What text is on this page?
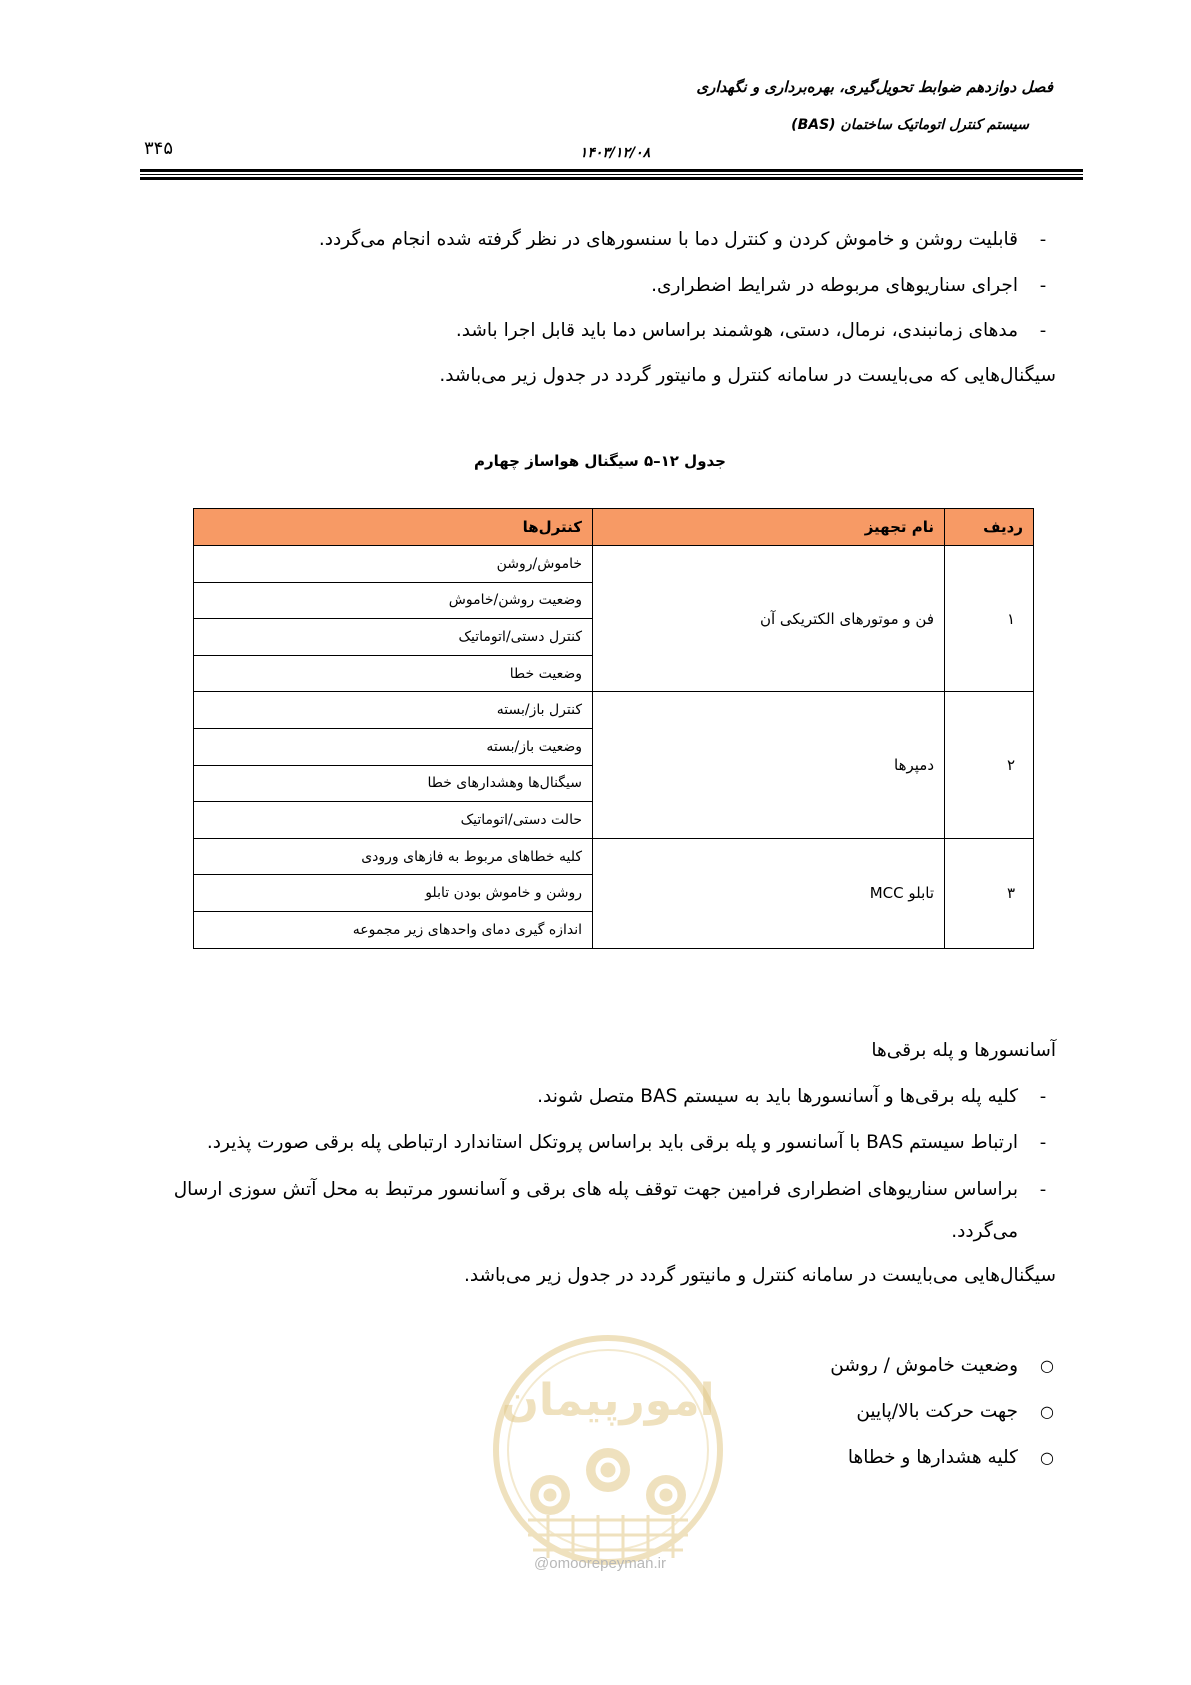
فصل دوازدهم ضوابط تحویل‌گیری، بهره‌برداری و نگهداری
سیستم کنترل اتوماتیک ساختمان (BAS)
۱۴۰۳/۱۲/۰۸
۳۴۵
-
قابلیت روشن و خاموش کردن و کنترل دما با سنسورهای در نظر گرفته شده انجام می‌گردد.
-
اجرای سناریوهای مربوطه در شرایط اضطراری.
-
مدهای زمانبندی، نرمال، دستی، هوشمند براساس دما باید قابل اجرا باشد.
سیگنال‌هایی که می‌بایست در سامانه کنترل و مانیتور گردد در جدول زیر می‌باشد.
جدول ۱۲–۵ سیگنال هواساز چهارم
ردیف	نام تجهیز	کنترل‌ها
۱	فن و موتورهای الکتریکی آن	خاموش/روشن
		وضعیت روشن/خاموش
		کنترل دستی/اتوماتیک
		وضعیت خطا
۲	دمپرها	کنترل باز/بسته
		وضعیت باز/بسته
		سیگنال‌ها وهشدارهای خطا
		حالت دستی/اتوماتیک
۳	تابلو MCC	کلیه خطاهای مربوط به فازهای ورودی
		روشن و خاموش بودن تابلو
		اندازه گیری دمای واحدهای زیر مجموعه
آسانسورها و پله برقی‌ها
-
کلیه پله برقی‌ها و آسانسورها باید به سیستم BAS متصل شوند.
-
ارتباط سیستم BAS با آسانسور و پله برقی باید براساس پروتکل استاندارد ارتباطی پله برقی صورت پذیرد.
-
براساس سناریوهای اضطراری فرامین جهت توقف پله های برقی و آسانسور مرتبط به محل آتش سوزی ارسال
می‌گردد.
سیگنال‌هایی می‌بایست در سامانه کنترل و مانیتور گردد در جدول زیر می‌باشد.
○
وضعیت خاموش / روشن
○
جهت حرکت بالا/پایین
○
کلیه هشدارها و خطاها
امورپیمان
@omoorepeyman.ir
